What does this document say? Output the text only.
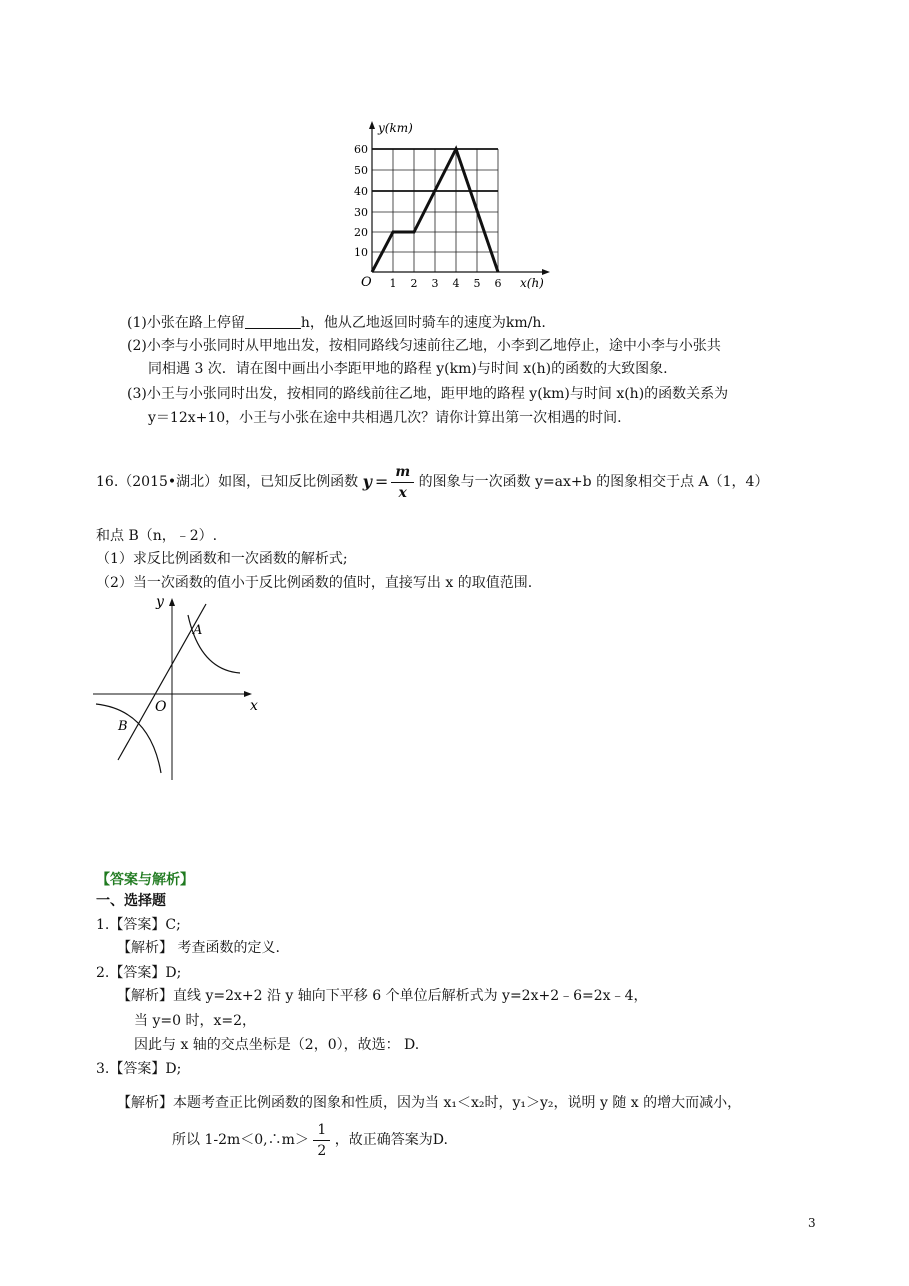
y(km)
x(h)
O
10
20
30
40
50
60
1 2 3 4 5 6
(1)小张在路上停留	h，他从乙地返回时骑车的速度为km/h.
(2)小李与小张同时从甲地出发，按相同路线匀速前往乙地，小李到乙地停止，途中小李与小张共
同相遇 3 次．请在图中画出小李距甲地的路程 y(km)与时间 x(h)的函数的大致图象.
(3)小王与小张同时出发，按相同的路线前往乙地，距甲地的路程 y(km)与时间 x(h)的函数关系为
y＝12x+10，小王与小张在途中共相遇几次？请你计算出第一次相遇的时间.
16.（2015•湖北）如图，已知反比例函数 $y = \frac{m}{x}$ 的图象与一次函数 y=ax+b 的图象相交于点 A（1，4）
和点 B（n，﹣2）.
（1）求反比例函数和一次函数的解析式;
（2）当一次函数的值小于反比例函数的值时，直接写出 x 的取值范围.
y
x
O
A
B
【答案与解析】
一、选择题
1.【答案】C;
【解析】 考查函数的定义.
2.【答案】D;
【解析】直线 y=2x+2 沿 y 轴向下平移 6 个单位后解析式为 y=2x+2﹣6=2x﹣4，
当 y=0 时，x=2，
因此与 x 轴的交点坐标是（2，0），故选： D.
3.【答案】D;
【解析】本题考查正比例函数的图象和性质，因为当 x₁＜x₂时，y₁＞y₂，说明 y 随 x 的增大而减小，
所以 1-2m＜0,∴m＞ $\frac{1}{2}$ ，故正确答案为D.
3
